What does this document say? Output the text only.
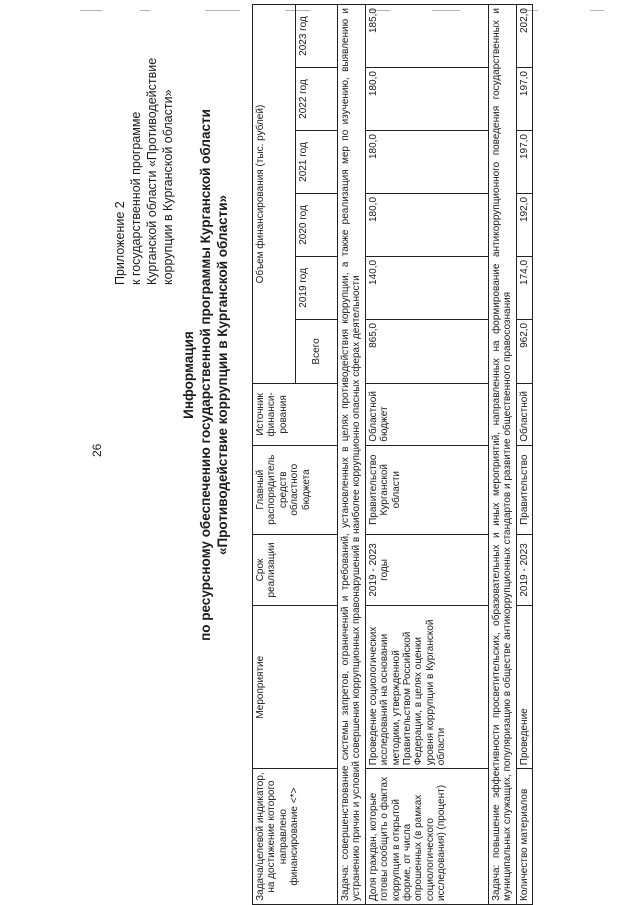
26
Приложение 2 к государственной программе Курганской области «Противодействие коррупции в Курганской области»
Информация по ресурсному обеспечению государственной программы Курганской области «Противодействие коррупции в Курганской области»
Задача/целевой индикатор, на достижение которого направлено финансирование <*>	Мероприятие	Срок реализации	Главный распорядитель средств областного бюджета	Источник финанси-рования	Объем финансирования (тыс. рублей)					
					Всего	2019 год	2020 год	2021 год	2022 год	2023 год
Задача: совершенствование системы запретов, ограничений и требований, установленных в целях противодействия коррупции, а также реализация мер по изучению, выявлению и устранению причин и условий совершения коррупционных правонарушений в наиболее коррупционно опасных сферах деятельности										
Доля граждан, которые готовы сообщить о фактах коррупции в открытой форме, от числа опрошенных (в рамках социологического исследования) (процент)	Проведение социологических исследований на основании методики, утвержденной Правительством Российской Федерации, в целях оценки уровня коррупции в Курганской области	2019 - 2023 годы	Правительство Курганской области	Областной бюджет	865,0	140,0	180,0	180,0	180,0	185,0
Задача: повышение эффективности просветительских, образовательных и иных мероприятий, направленных на формирование антикоррупционного поведения государственных и муниципальных служащих, популяризацию в обществе антикоррупционных стандартов и развитие общественного правосознания										
Количество материалов	Проведение	2019 - 2023	Правительство	Областной	962,0	174,0	192,0	197,0	197,0	202,0
